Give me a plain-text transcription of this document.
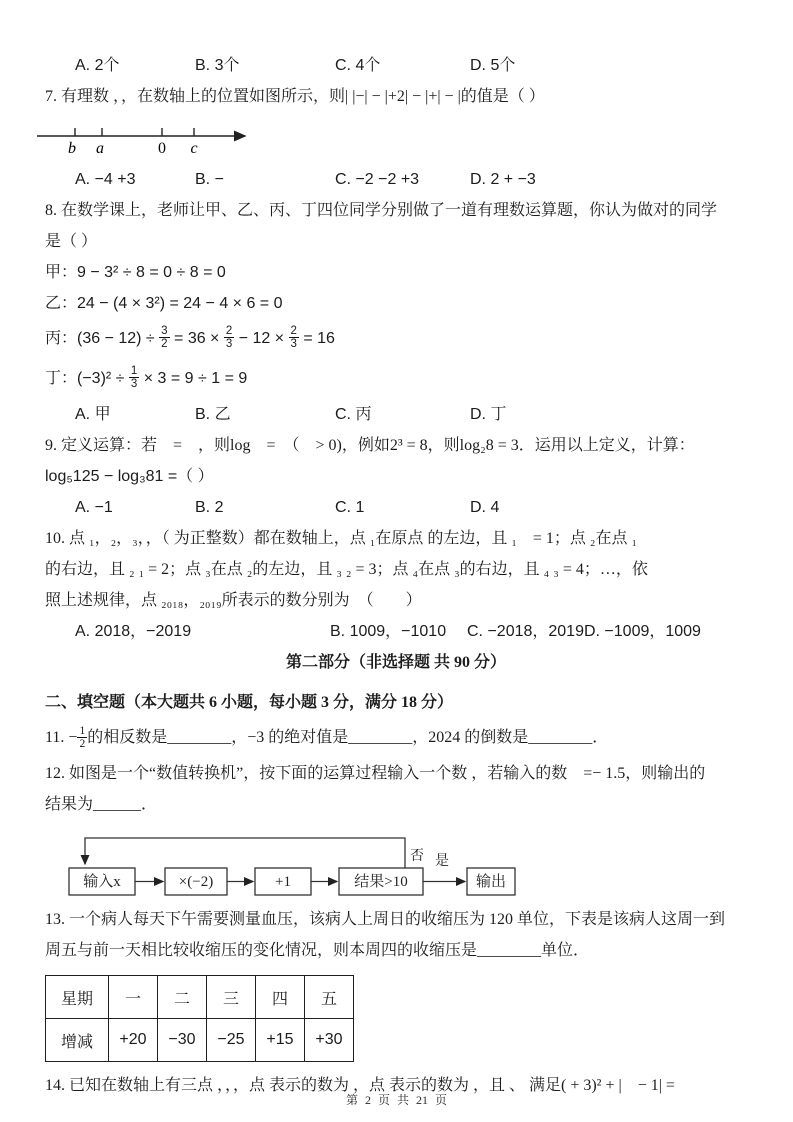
A. 2个	B. 3个	C. 4个	D. 5个
7. 有理数 ，，在数轴上的位置如图所示，则| |−| − |+2| − |+| − |的值是（ ）
b a	0 c
A. −4 +3	B. −	C. −2 −2 +3	D. 2 + −3
8. 在数学课上，老师让甲、乙、丙、丁四位同学分别做了一道有理数运算题，你认为做对的同学
是（ ）
甲：9 − 3² ÷ 8 = 0 ÷ 8 = 0
乙：24 − (4 × 3²) = 24 − 4 × 6 = 0
丙：$(36 - 12) \div \frac{3}{2} = 36 \times \frac{2}{3} - 12 \times \frac{2}{3} = 16$
丁：$(-3)^2 \div \frac{1}{3} \times 3 = 9 \div 1 = 9$
A. 甲	B. 乙	C. 丙	D. 丁
9. 定义运算：若　=　，则log　=　（　> 0)，例如2³ = 8，则log₂8 = 3．运用以上定义，计算：
log₅125 − log₃81 =（ ）
A. −1	B. 2	C. 1	D. 4
10. 点 ₁，₂，₃，，（ 为正整数）都在数轴上，点 ₁在原点 的左边，且 ₁　= 1；点 ₂在点 ₁
的右边，且 ₂ ₁ = 2；点 ₃在点 ₂的左边，且 ₃ ₂ = 3；点 ₄在点 ₃的右边，且 ₄ ₃ = 4；…，依
照上述规律，点 ₂₀₁₈，₂₀₁₉所表示的数分别为　（　　）
A. 2018，−2019	B. 1009，−1010 C. −2018，2019D. −1009，1009
第二部分（非选择题 共 90 分）
二、填空题（本大题共 6 小题，每小题 3 分，满分 18 分）
11. − $\frac{1}{2}$ 的相反数是________，−3 的绝对值是________，2024 的倒数是________．
12. 如图是一个“数值转换机”，按下面的运算过程输入一个数 ，若输入的数　=− 1.5，则输出的
结果为______．
否 是
输入x	×(−2)	+1	结果>10	输出
13. 一个病人每天下午需要测量血压，该病人上周日的收缩压为 120 单位，下表是该病人这周一到
周五与前一天相比较收缩压的变化情况，则本周四的收缩压是________单位．
星期	一	二	三	四	五
增减	+20	−30	−25	+15	+30
14. 已知在数轴上有三点 ，，，点 表示的数为 ，点 表示的数为 ，且 、 满足( + 3)² + |　− 1| =
第 2 页 共 21 页
